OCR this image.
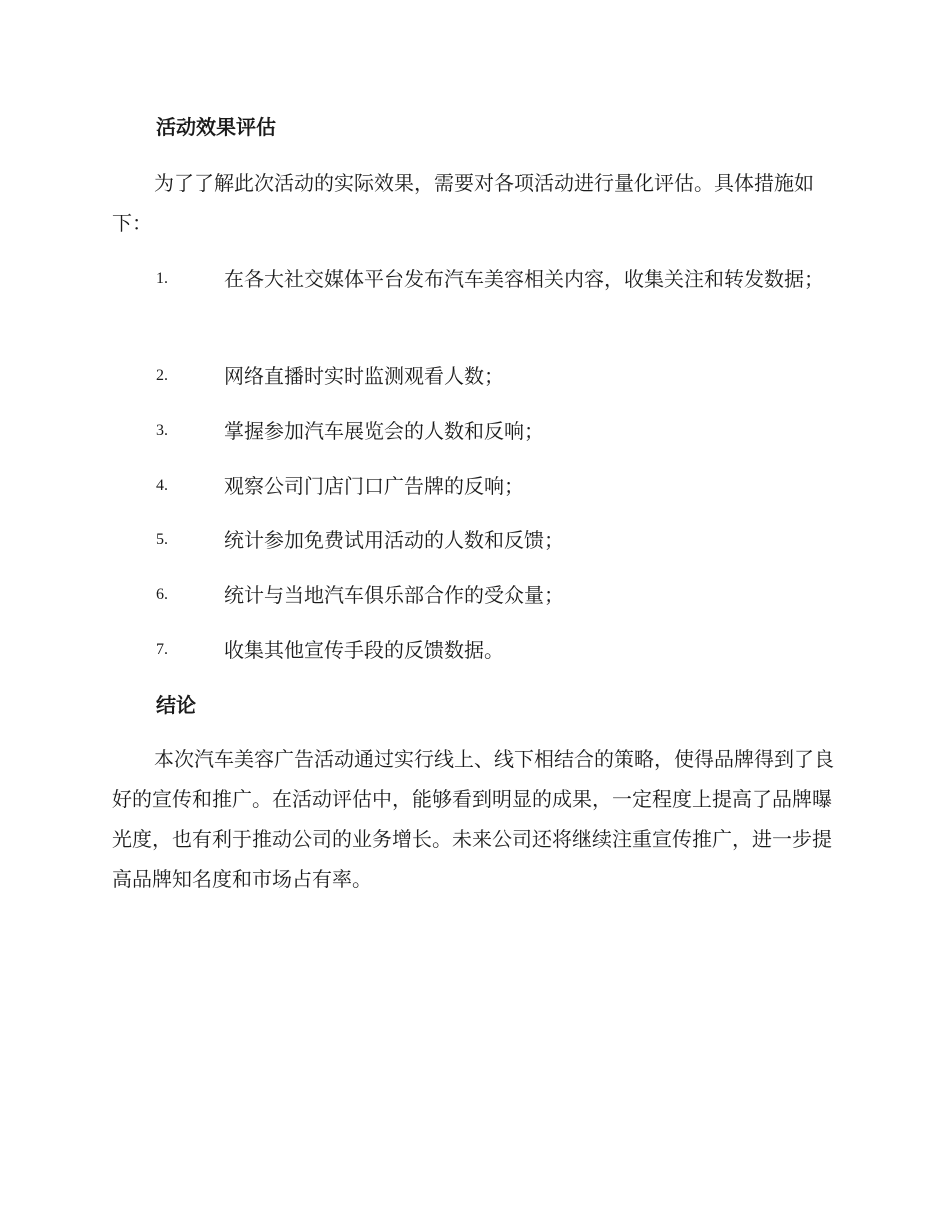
活动效果评估

为了了解此次活动的实际效果，需要对各项活动进行量化评估。具体措施如下：

1.	在各大社交媒体平台发布汽车美容相关内容，收集关注和转发数据；
2.	网络直播时实时监测观看人数；
3.	掌握参加汽车展览会的人数和反响；
4.	观察公司门店门口广告牌的反响；
5.	统计参加免费试用活动的人数和反馈；
6.	统计与当地汽车俱乐部合作的受众量；
7.	收集其他宣传手段的反馈数据。
结论

本次汽车美容广告活动通过实行线上、线下相结合的策略，使得品牌得到了良好的宣传和推广。在活动评估中，能够看到明显的成果，一定程度上提高了品牌曝光度，也有利于推动公司的业务增长。未来公司还将继续注重宣传推广，进一步提高品牌知名度和市场占有率。
